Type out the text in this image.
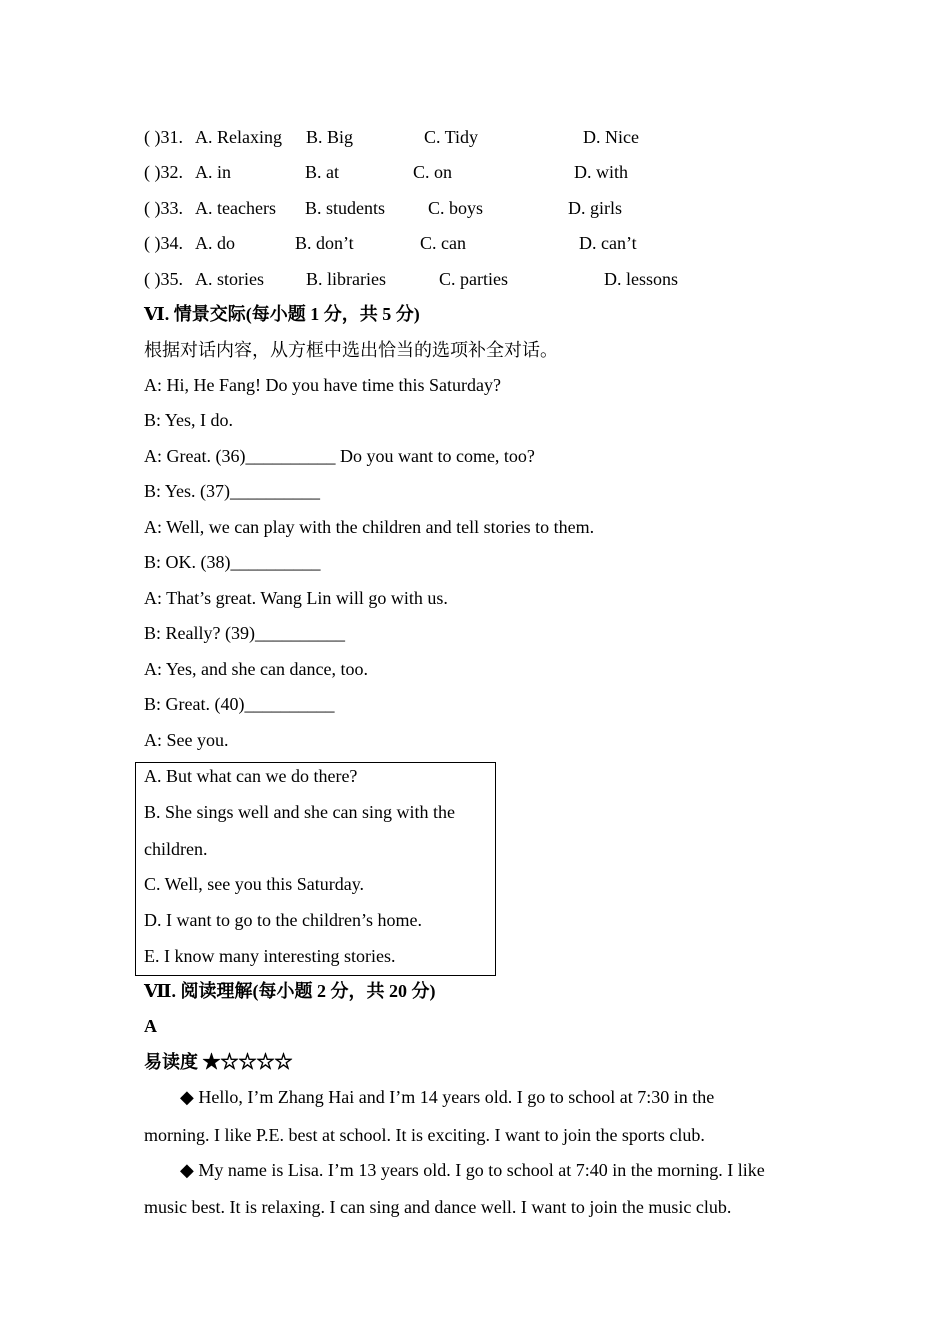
( )31. A. Relaxing B. Big	C. Tidy	D. Nice
( )32. A. in	B. at	C. on	D. with
( )33. A. teachers B. students C. boys	D. girls
( )34. A. do	B. don’t	C. can	D. can’t
( )35. A. stories B. libraries	C. parties	D. lessons
Ⅵ. 情景交际(每小题 1 分，共 5 分)
根据对话内容，从方框中选出恰当的选项补全对话。
A: Hi, He Fang! Do you have time this Saturday?
B: Yes, I do.
A: Great. (36)__________ Do you want to come, too?
B: Yes. (37)__________
A: Well, we can play with the children and tell stories to them.
B: OK. (38)__________
A: That’s great. Wang Lin will go with us.
B: Really? (39)__________
A: Yes, and she can dance, too.
B: Great. (40)__________
A: See you.
A. But what can we do there?
B. She sings well and she can sing with the
children.
C. Well, see you this Saturday.
D. I want to go to the children’s home.
E. I know many interesting stories.
Ⅶ. 阅读理解(每小题 2 分，共 20 分)
A
易读度 ★☆☆☆☆
◆ Hello, I’m Zhang Hai and I’m 14 years old. I go to school at 7:30 in the
morning. I like P.E. best at school. It is exciting. I want to join the sports club.
◆ My name is Lisa. I’m 13 years old. I go to school at 7:40 in the morning. I like
music best. It is relaxing. I can sing and dance well. I want to join the music club.
